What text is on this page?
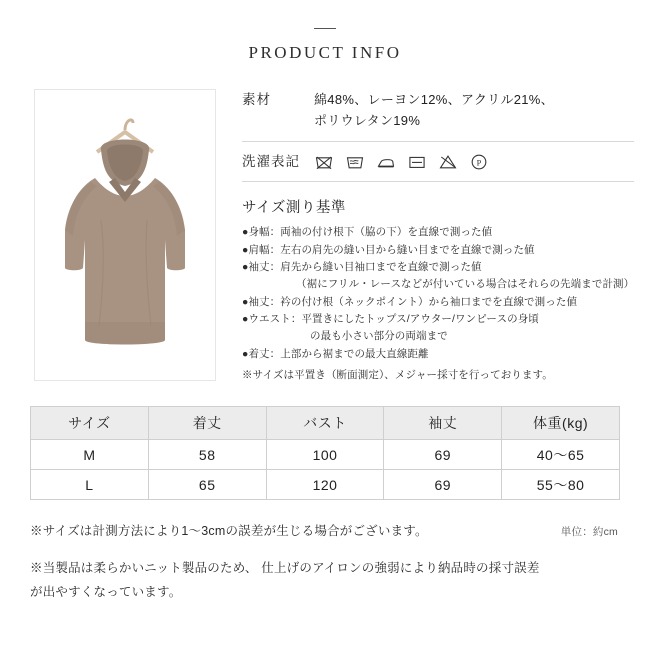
PRODUCT INFO
素材	綿48%、レーヨン12%、アクリル21%、
ポリウレタン19%
洗濯表記	P
サイズ測り基準
●身幅：両袖の付け根下（脇の下）を直線で測った値
●肩幅：左右の肩先の縫い目から縫い目までを直線で測った値
●袖丈：肩先から縫い目袖口までを直線で測った値
（裾にフリル・レースなどが付いている場合はそれらの先端まで計測）
●袖丈：衿の付け根（ネックポイント）から袖口までを直線で測った値
●ウエスト：平置きにしたトップス/アウター/ワンピースの身頃
の最も小さい部分の両端まで
●着丈：上部から裾までの最大直線距離
※サイズは平置き（断面測定）、メジャー採寸を行っております。
サイズ	着丈	バスト	袖丈	体重(kg)
M	58	100	69	40〜65
L	65	120	69	55〜80
※サイズは計測方法により1〜3cmの誤差が生じる場合がございます。	単位：約cm
※当製品は柔らかいニット製品のため、 仕上げのアイロンの強弱により納品時の採寸誤差
が出やすくなっています。
